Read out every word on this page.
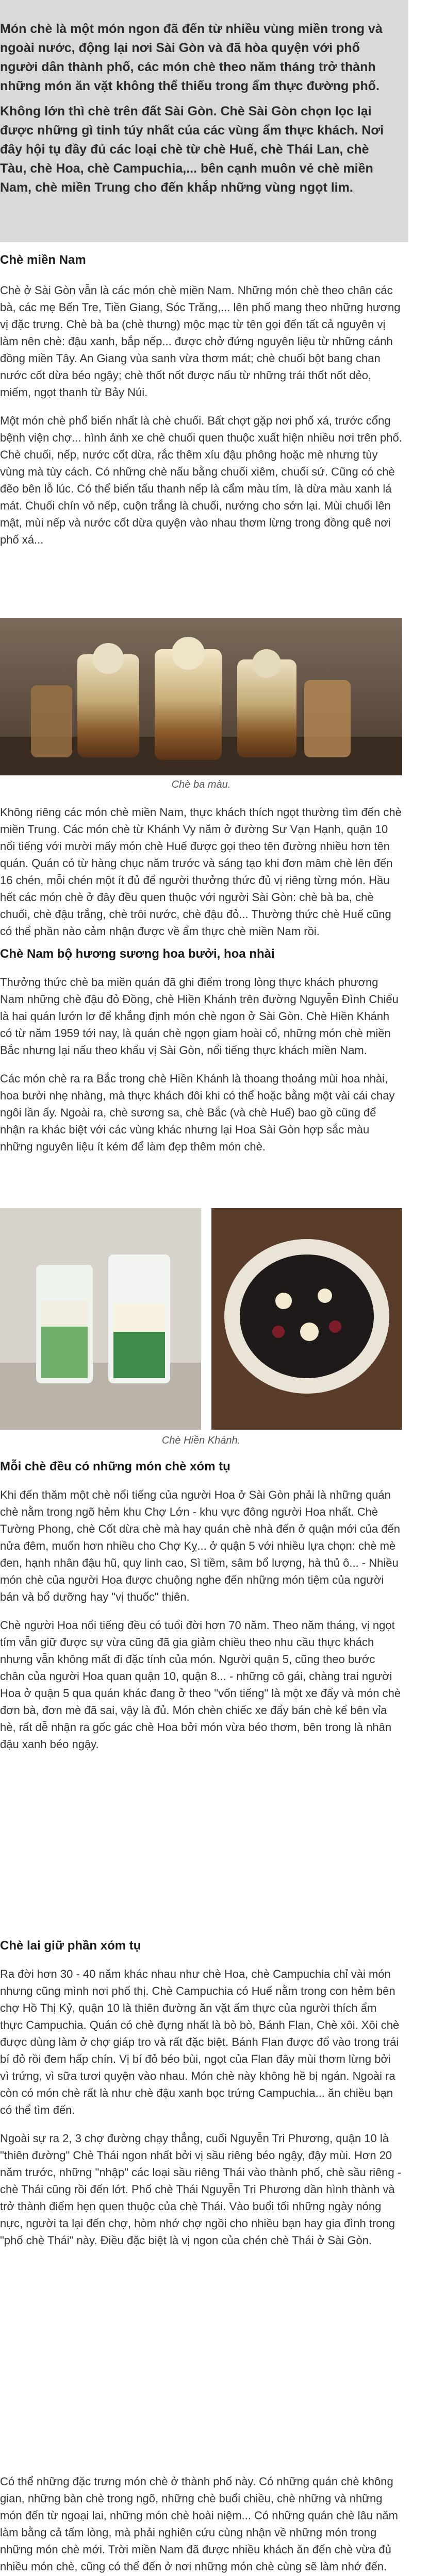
Món chè là một món ngon đã đến từ nhiều vùng miền trong và ngoài nước, động lại nơi Sài Gòn và đã hòa quyện với phố người dân thành phố, các món chè theo năm tháng trở thành những món ăn vặt không thể thiếu trong ẩm thực đường phố.

Không lớn thì chè trên đất Sài Gòn. Chè Sài Gòn chọn lọc lại được những gì tinh túy nhất của các vùng ẩm thực khách. Nơi đây hội tụ đầy đủ các loại chè từ chè Huế, chè Thái Lan, chè Tàu, chè Hoa, chè Campuchia,... bên cạnh muôn vẻ chè miền Nam, chè miền Trung cho đến khắp những vùng ngọt lim.

Chè miền Nam

Chè ở Sài Gòn vẫn là các món chè miền Nam. Những món chè theo chân các bà, các mẹ Bến Tre, Tiền Giang, Sóc Trăng,... lên phố mang theo những hương vị đặc trưng. Chè bà ba (chè thưng) mộc mạc từ tên gọi đến tất cả nguyên vị làm nên chè: đậu xanh, bắp nếp... được chở đứng nguyên liệu từ những cánh đồng miền Tây. An Giang vùa sanh vừa thơm mát; chè chuối bột bang chan nước cốt dừa béo ngậy; chè thốt nốt được nấu từ những trái thốt nốt dẻo, miếm, ngọt thanh từ Bảy Núi.

Một món chè phổ biến nhất là chè chuối. Bất chợt gặp nơi phố xá, trước cổng bệnh viện chợ... hình ảnh xe chè chuối quen thuộc xuất hiện nhiều nơi trên phố. Chè chuối, nếp, nước cốt dừa, rắc thêm xíu đậu phông hoặc mè nhưng tùy vùng mà tùy cách. Có những chè nấu bằng chuối xiêm, chuối sứ. Cũng có chè đẽo bên lỗ lúc. Có thể biến tấu thanh nếp là cẩm màu tím, là dừa màu xanh lá mát. Chuối chín vỏ nếp, cuộn trắng là chuối, nướng cho sớn lại. Mùi chuối lên mật, mùi nếp và nước cốt dừa quyện vào nhau thơm lừng trong đồng quê nơi phố xá...

Chè ba màu.

Không riêng các món chè miền Nam, thực khách thích ngọt thường tìm đến chè miền Trung. Các món chè từ Khánh Vy năm ở đường Sư Vạn Hạnh, quận 10 nổi tiếng với mười mấy món chè Huế được gọi theo tên đường nhiều hơn tên quán. Quán có từ hàng chục năm trước và sáng tạo khi đơn mâm chè lên đến 16 chén, mỗi chén một ít đủ để người thưởng thức đủ vị riêng từng món. Hầu hết các món chè ở đây đều quen thuộc với người Sài Gòn: chè bà ba, chè chuối, chè đậu trắng, chè trôi nước, chè đậu đỏ... Thường thức chè Huế cũng có thể phần nào cảm nhận được về ẩm thực chè miền Nam rồi.

Chè Nam bộ hương sương hoa bưởi, hoa nhài

Thưởng thức chè ba miền quán đã ghi điểm trong lòng thực khách phương Nam những chè đậu đỏ Đồng, chè Hiền Khánh trên đường Nguyễn Đình Chiểu là hai quán lướn lơ để khẳng định món chè ngon ở Sài Gòn. Chè Hiền Khánh có từ năm 1959 tới nay, là quán chè ngọn giam hoài cổ, những món chè miền Bắc nhưng lại nấu theo khẩu vị Sài Gòn, nổi tiếng thực khách miền Nam.

Các món chè ra ra Bắc trong chè Hiền Khánh là thoang thoảng mùi hoa nhài, hoa bưởi nhẹ nhàng, mà thực khách đôi khi có thể hoặc bằng một vài cái chay ngôi lần ấy. Ngoài ra, chè sương sa, chè Bắc (và chè Huế) bao gồ cũng để nhận ra khác biệt với các vùng khác nhưng lại Hoa Sài Gòn hợp sắc màu những nguyên liệu ít kém để làm đẹp thêm món chè.

Chè Hiền Khánh.
Mỗi chè đều có những món chè xóm tụ

Khi đến thăm một chè nổi tiếng của người Hoa ở Sài Gòn phải là những quán chè nằm trong ngõ hẻm khu Chợ Lớn - khu vực đông người Hoa nhất. Chè Tường Phong, chè Cốt dừa chè mà hay quán chè nhà đến ở quận mới của đến nửa đêm, muốn hơn nhiều cho Chợ Kỵ... ở quận 5 với nhiều lựa chọn: chè mè đen, hạnh nhân đậu hũ, quy linh cao, Sì tiềm, sâm bổ lượng, hà thủ ô... - Nhiều món chè của người Hoa được chuộng nghe đến những món tiệm của người bán và bổ dưỡng hay "vị thuốc" thiên.

Chè người Hoa nổi tiếng đều có tuổi đời hơn 70 năm. Theo năm tháng, vị ngọt tím vẫn giữ được sự vừa cũng đã gia giảm chiều theo nhu cầu thực khách nhưng vẫn không mất đi đặc tính của món. Người quận 5, cũng theo bước chân của người Hoa quan quận 10, quận 8... - những cô gái, chàng trai người Hoa ở quận 5 qua quán khác đang ở theo "vốn tiếng" là một xe đẩy và món chè đơn bà, đơn mè đã sai, vậy là đủ. Món chèn chiếc xe đẩy bán chè kể bên vỉa hè, rất dễ nhận ra gốc gác chè Hoa bởi món vừa béo thơm, bên trong là nhân đậu xanh béo ngậy.

Chè lai giữ phần xóm tụ

Ra đời hơn 30 - 40 năm khác nhau như chè Hoa, chè Campuchia chỉ vài món nhưng cũng mình nơi phố thị. Chè Campuchia có Huế nằm trong con hẻm bên chợ Hồ Thị Kỷ, quận 10 là thiên đường ăn vặt ấm thực của người thích ẩm thực Campuchia. Quán có chè đựng nhất là bò bò, Bánh Flan, Chè xôi. Xôi chè được dùng làm ở chợ giáp tro và rất đặc biệt. Bánh Flan được đổ vào trong trái bí đỏ rồi đem hấp chín. Vị bí đỏ béo bùi, ngọt của Flan đây mùi thơm lừng bởi vì trứng, vì sữa tươi quyện vào nhau. Món chè này không hề bị ngán. Ngoài ra còn có món chè rất là như chè đậu xanh bọc trứng Campuchia... ăn chiều bạn có thể tìm đến.

Ngoài sự ra 2, 3 chợ đường chạy thẳng, cuối Nguyễn Tri Phương, quận 10 là "thiên đường" Chè Thái ngon nhất bởi vị sầu riêng béo ngậy, đậy mùi. Hơn 20 năm trước, những "nhập" các loại sầu riêng Thái vào thành phố, chè sầu riêng - chè Thái cũng rồi đến lớt. Phố chè Thái Nguyễn Tri Phương dần hình thành và trở thành điểm hẹn quen thuộc của chè Thái. Vào buổi tối những ngày nóng nực, người ta lại đến chợ, hòm nhớ chợ ngồi cho nhiều bạn hay gia đình trong "phố chè Thái" này. Điều đặc biệt là vị ngon của chén chè Thái ở Sài Gòn.

Có thể những đặc trưng món chè ở thành phố này. Có những quán chè không gian, những bàn chè trong ngõ, những chè buổi chiều, chè những và những món đến từ ngoại lai, những món chè hoài niệm... Có những quán chè lâu năm làm bằng cả tấm lòng, mà phải nghiên cứu cùng nhận về những món trong những món chè mới. Trời miền Nam đã được nhiều khách ăn đến chè vừa đủ nhiều món chè, cũng có thể đến ở nơi những món chè cùng sẽ làm nhớ đến.
